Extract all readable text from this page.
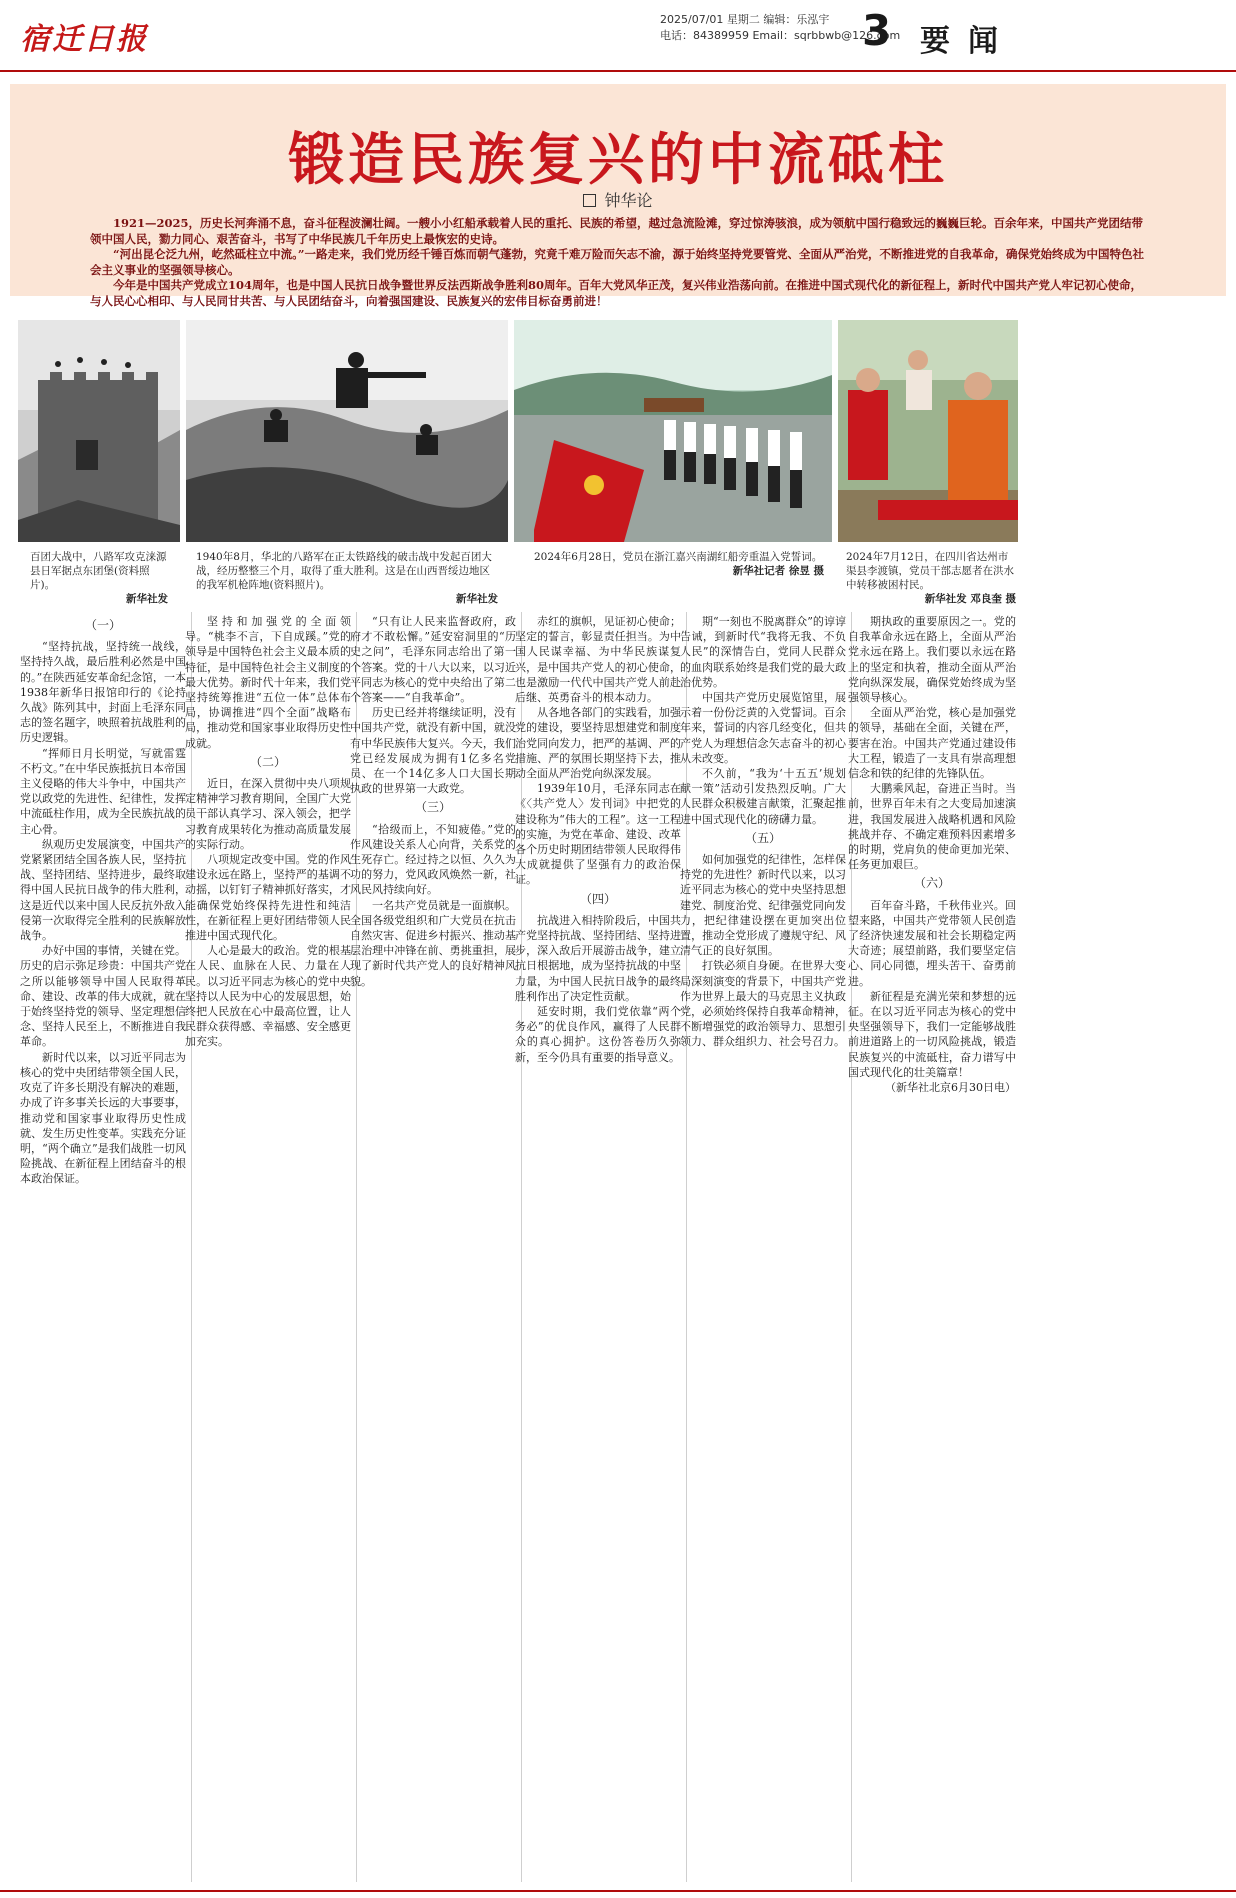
宿迁日报
2025/07/01 星期二 编辑：乐泓宇
电话：84389959 Email：sqrbbwb@126.com
3 要闻
锻造民族复兴的中流砥柱
钟华论

1921—2025，历史长河奔涌不息，奋斗征程波澜壮阔。一艘小小红船承载着人民的重托、民族的希望，越过急流险滩，穿过惊涛骇浪，成为领航中国行稳致远的巍巍巨轮。百余年来，中国共产党团结带领中国人民，勠力同心、艰苦奋斗，书写了中华民族几千年历史上最恢宏的史诗。

“河出昆仑泛九州，屹然砥柱立中流。”一路走来，我们党历经千锤百炼而朝气蓬勃，究竟千难万险而矢志不渝，源于始终坚持党要管党、全面从严治党，不断推进党的自我革命，确保党始终成为中国特色社会主义事业的坚强领导核心。

今年是中国共产党成立104周年，也是中国人民抗日战争暨世界反法西斯战争胜利80周年。百年大党风华正茂，复兴伟业浩荡向前。在推进中国式现代化的新征程上，新时代中国共产党人牢记初心使命，与人民心心相印、与人民同甘共苦、与人民团结奋斗，向着强国建设、民族复兴的宏伟目标奋勇前进！

百团大战中，八路军攻克涞源县日军据点东团堡(资料照片)。
新华社发
1940年8月，华北的八路军在正太铁路线的破击战中发起百团大战，经历整整三个月，取得了重大胜利。这是在山西晋绥边地区的我军机枪阵地(资料照片)。
新华社发
2024年6月28日，党员在浙江嘉兴南湖红船旁重温入党誓词。
新华社记者 徐昱 摄
2024年7月12日，在四川省达州市渠县李渡镇，党员干部志愿者在洪水中转移被困村民。
新华社发 邓良奎 摄
（一）

“坚持抗战，坚持统一战线，坚持持久战，最后胜利必然是中国的。”在陕西延安革命纪念馆，一本1938年新华日报馆印行的《论持久战》陈列其中，封面上毛泽东同志的签名题字，映照着抗战胜利的历史逻辑。

“挥师日月长明觉，写就雷霆不朽文。”在中华民族抵抗日本帝国主义侵略的伟大斗争中，中国共产党以政党的先进性、纪律性，发挥中流砥柱作用，成为全民族抗战的主心骨。

纵观历史发展演变，中国共产党紧紧团结全国各族人民，坚持抗战、坚持团结、坚持进步，最终取得中国人民抗日战争的伟大胜利，这是近代以来中国人民反抗外敌入侵第一次取得完全胜利的民族解放战争。

办好中国的事情，关键在党。历史的启示弥足珍贵：中国共产党之所以能够领导中国人民取得革命、建设、改革的伟大成就，就在于始终坚持党的领导、坚定理想信念、坚持人民至上，不断推进自我革命。

新时代以来，以习近平同志为核心的党中央团结带领全国人民，攻克了许多长期没有解决的难题，办成了许多事关长远的大事要事，推动党和国家事业取得历史性成就、发生历史性变革。实践充分证明，“两个确立”是我们战胜一切风险挑战、在新征程上团结奋斗的根本政治保证。

坚持和加强党的全面领导。“桃李不言，下自成蹊。”党的领导是中国特色社会主义最本质的特征，是中国特色社会主义制度的最大优势。新时代十年来，我们党坚持统筹推进“五位一体”总体布局，协调推进“四个全面”战略布局，推动党和国家事业取得历史性成就。

（二）

近日，在深入贯彻中央八项规定精神学习教育期间，全国广大党员干部认真学习、深入领会，把学习教育成果转化为推动高质量发展的实际行动。

八项规定改变中国。党的作风建设永远在路上，坚持严的基调不动摇，以钉钉子精神抓好落实，才能确保党始终保持先进性和纯洁性，在新征程上更好团结带领人民推进中国式现代化。

人心是最大的政治。党的根基在人民、血脉在人民、力量在人民。以习近平同志为核心的党中央坚持以人民为中心的发展思想，始终把人民放在心中最高位置，让人民群众获得感、幸福感、安全感更加充实。

“只有让人民来监督政府，政府才不敢松懈。”延安窑洞里的“历史之问”，毛泽东同志给出了第一个答案。党的十八大以来，以习近平同志为核心的党中央给出了第二个答案——“自我革命”。

历史已经并将继续证明，没有中国共产党，就没有新中国，就没有中华民族伟大复兴。今天，我们党已经发展成为拥有1亿多名党员、在一个14亿多人口大国长期执政的世界第一大政党。

（三）

“拾级而上，不知疲倦。”党的作风建设关系人心向背，关系党的生死存亡。经过持之以恒、久久为功的努力，党风政风焕然一新，社风民风持续向好。

一名共产党员就是一面旗帜。全国各级党组织和广大党员在抗击自然灾害、促进乡村振兴、推动基层治理中冲锋在前、勇挑重担，展现了新时代共产党人的良好精神风貌。

赤红的旗帜，见证初心使命；坚定的誓言，彰显责任担当。为中国人民谋幸福、为中华民族谋复兴，是中国共产党人的初心使命，也是激励一代代中国共产党人前赴后继、英勇奋斗的根本动力。

从各地各部门的实践看，加强党的建设，要坚持思想建党和制度治党同向发力，把严的基调、严的措施、严的氛围长期坚持下去，推动全面从严治党向纵深发展。

1939年10月，毛泽东同志在《〈共产党人〉发刊词》中把党的建设称为“伟大的工程”。这一工程的实施，为党在革命、建设、改革各个历史时期团结带领人民取得伟大成就提供了坚强有力的政治保证。

（四）

抗战进入相持阶段后，中国共产党坚持抗战、坚持团结、坚持进步，深入敌后开展游击战争，建立抗日根据地，成为坚持抗战的中坚力量，为中国人民抗日战争的最终胜利作出了决定性贡献。

延安时期，我们党依靠“两个务必”的优良作风，赢得了人民群众的真心拥护。这份答卷历久弥新，至今仍具有重要的指导意义。

期“一刻也不脱离群众”的谆谆告诫，到新时代“我将无我、不负人民”的深情告白，党同人民群众的血肉联系始终是我们党的最大政治优势。

中国共产党历史展览馆里，展示着一份份泛黄的入党誓词。百余年来，誓词的内容几经变化，但共产党人为理想信念矢志奋斗的初心从未改变。

不久前，“我为‘十五五’规划献一策”活动引发热烈反响。广大人民群众积极建言献策，汇聚起推进中国式现代化的磅礴力量。

（五）

如何加强党的纪律性，怎样保持党的先进性？新时代以来，以习近平同志为核心的党中央坚持思想建党、制度治党、纪律强党同向发力，把纪律建设摆在更加突出位置，推动全党形成了遵规守纪、风清气正的良好氛围。

打铁必须自身硬。在世界大变局深刻演变的背景下，中国共产党作为世界上最大的马克思主义执政党，必须始终保持自我革命精神，不断增强党的政治领导力、思想引领力、群众组织力、社会号召力。

期执政的重要原因之一。党的自我革命永远在路上，全面从严治党永远在路上。我们要以永远在路上的坚定和执着，推动全面从严治党向纵深发展，确保党始终成为坚强领导核心。

全面从严治党，核心是加强党的领导，基础在全面，关键在严，要害在治。中国共产党通过建设伟大工程，锻造了一支具有崇高理想信念和铁的纪律的先锋队伍。

大鹏乘风起，奋进正当时。当前，世界百年未有之大变局加速演进，我国发展进入战略机遇和风险挑战并存、不确定难预料因素增多的时期，党肩负的使命更加光荣、任务更加艰巨。

（六）

百年奋斗路，千秋伟业兴。回望来路，中国共产党带领人民创造了经济快速发展和社会长期稳定两大奇迹；展望前路，我们要坚定信心、同心同德，埋头苦干、奋勇前进。

新征程是充满光荣和梦想的远征。在以习近平同志为核心的党中央坚强领导下，我们一定能够战胜前进道路上的一切风险挑战，锻造民族复兴的中流砥柱，奋力谱写中国式现代化的壮美篇章！

（新华社北京6月30日电）
